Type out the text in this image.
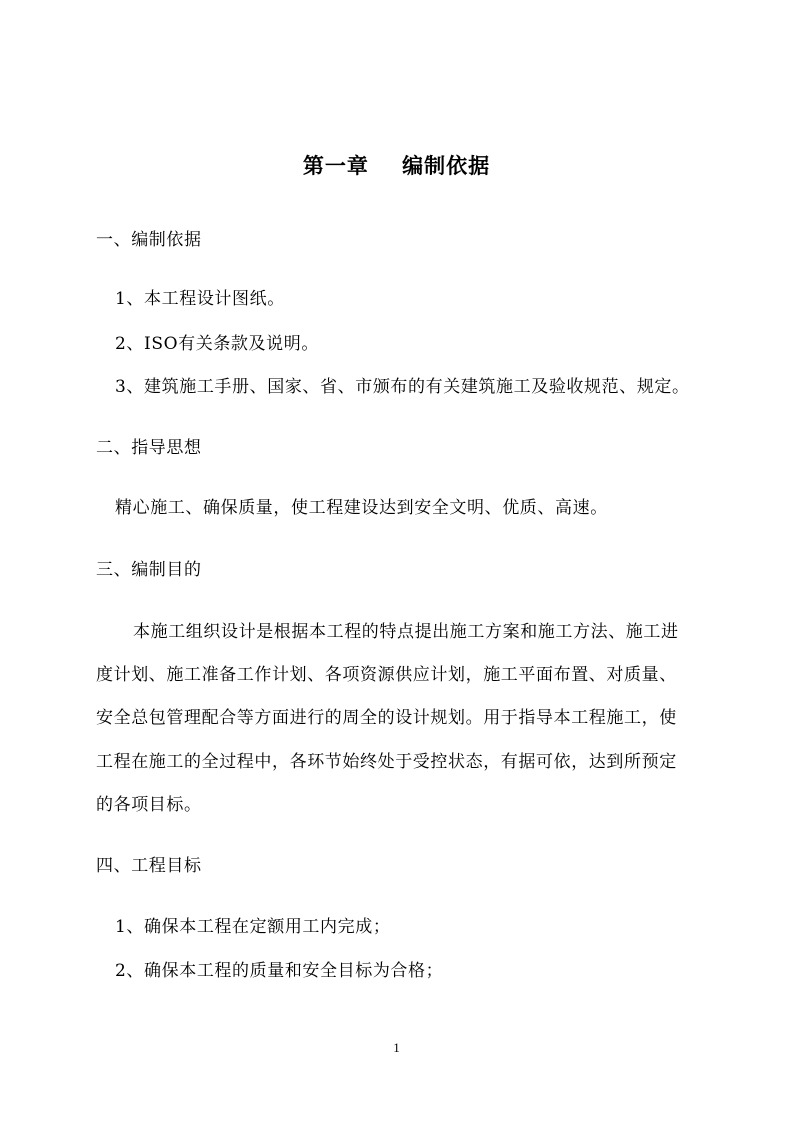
第一章    编制依据
一、编制依据
1、本工程设计图纸。
2、ISO有关条款及说明。
3、建筑施工手册、国家、省、市颁布的有关建筑施工及验收规范、规定。
二、指导思想
精心施工、确保质量，使工程建设达到安全文明、优质、高速。
三、编制目的
本施工组织设计是根据本工程的特点提出施工方案和施工方法、施工进
度计划、施工准备工作计划、各项资源供应计划，施工平面布置、对质量、
安全总包管理配合等方面进行的周全的设计规划。用于指导本工程施工，使
工程在施工的全过程中，各环节始终处于受控状态，有据可依，达到所预定
的各项目标。
四、工程目标
1、确保本工程在定额用工内完成；
2、确保本工程的质量和安全目标为合格；
1
